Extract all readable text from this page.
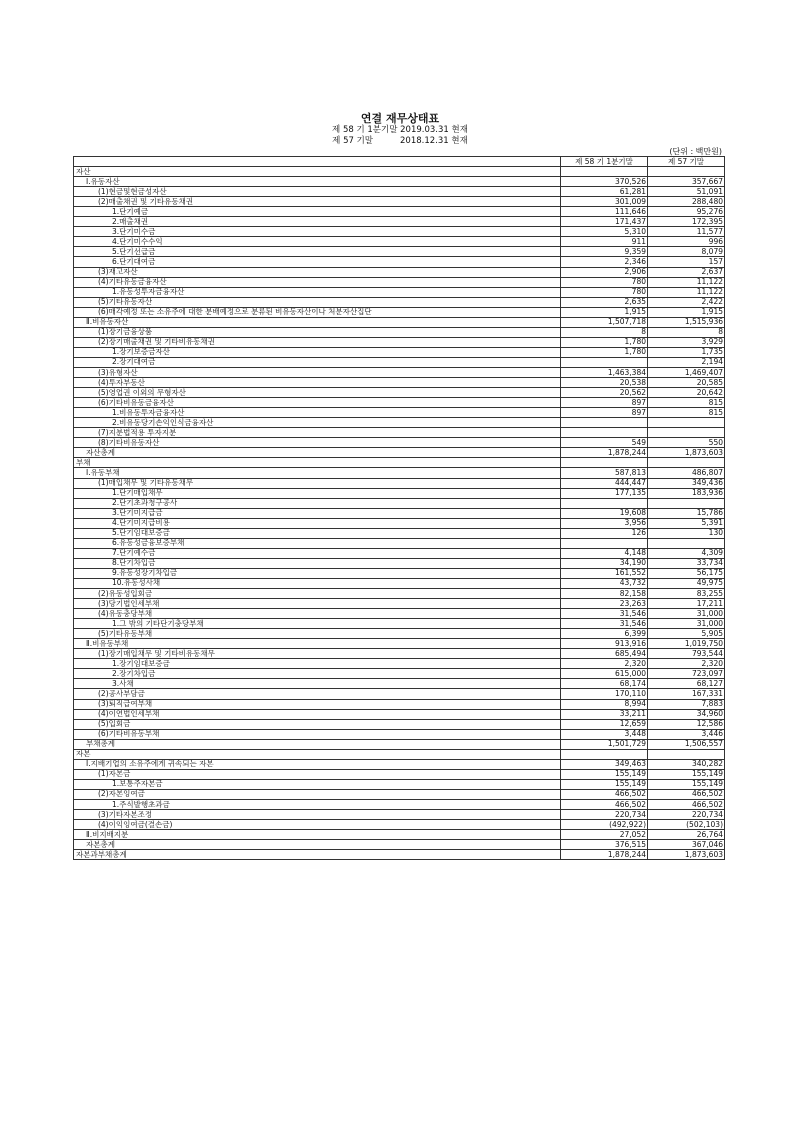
연결 재무상태표
제 58 기 1분기말 2019.03.31 현재
제 57 기말          2018.12.31 현재
(단위 : 백만원)
	제 58 기 1분기말	제 57 기말
자산		
Ⅰ.유동자산	370,526	357,667
(1)현금및현금성자산	61,281	51,091
(2)매출채권 및 기타유동채권	301,009	288,480
1.단기예금	111,646	95,276
2.매출채권	171,437	172,395
3.단기미수금	5,310	11,577
4.단기미수수익	911	996
5.단기선급금	9,359	8,079
6.단기대여금	2,346	157
(3)재고자산	2,906	2,637
(4)기타유동금융자산	780	11,122
1.유동성투자금융자산	780	11,122
(5)기타유동자산	2,635	2,422
(6)매각예정 또는 소유주에 대한 분배예정으로 분류된 비유동자산이나 처분자산집단	1,915	1,915
Ⅱ.비유동자산	1,507,718	1,515,936
(1)장기금융상품	8	8
(2)장기매출채권 및 기타비유동채권	1,780	3,929
1.장기보증금자산	1,780	1,735
2.장기대여금		2,194
(3)유형자산	1,463,384	1,469,407
(4)투자부동산	20,538	20,585
(5)영업권 이외의 무형자산	20,562	20,642
(6)기타비유동금융자산	897	815
1.비유동투자금융자산	897	815
2.비유동당기손익인식금융자산		
(7)지분법적용 투자지분		
(8)기타비유동자산	549	550
자산총계	1,878,244	1,873,603
부채		
Ⅰ.유동부채	587,813	486,807
(1)매입채무 및 기타유동채무	444,447	349,436
1.단기매입채무	177,135	183,936
2.단기초과청구공사		
3.단기미지급금	19,608	15,786
4.단기미지급비용	3,956	5,391
5.단기임대보증금	126	130
6.유동성금융보증부채		
7.단기예수금	4,148	4,309
8.단기차입금	34,190	33,734
9.유동성장기차입금	161,552	56,175
10.유동성사채	43,732	49,975
(2)유동성입회금	82,158	83,255
(3)당기법인세부채	23,263	17,211
(4)유동충당부채	31,546	31,000
1.그 밖의 기타단기충당부채	31,546	31,000
(5)기타유동부채	6,399	5,905
Ⅱ.비유동부채	913,916	1,019,750
(1)장기매입채무 및 기타비유동채무	685,494	793,544
1.장기임대보증금	2,320	2,320
2.장기차입금	615,000	723,097
3.사채	68,174	68,127
(2)공사부담금	170,110	167,331
(3)퇴직급여부채	8,994	7,883
(4)이연법인세부채	33,211	34,960
(5)입회금	12,659	12,586
(6)기타비유동부채	3,448	3,446
부채총계	1,501,729	1,506,557
자본		
Ⅰ.지배기업의 소유주에게 귀속되는 자본	349,463	340,282
(1)자본금	155,149	155,149
1.보통주자본금	155,149	155,149
(2)자본잉여금	466,502	466,502
1.주식발행초과금	466,502	466,502
(3)기타자본조정	220,734	220,734
(4)이익잉여금(결손금)	(492,922)	(502,103)
Ⅱ.비지배지분	27,052	26,764
자본총계	376,515	367,046
자본과부채총계	1,878,244	1,873,603
